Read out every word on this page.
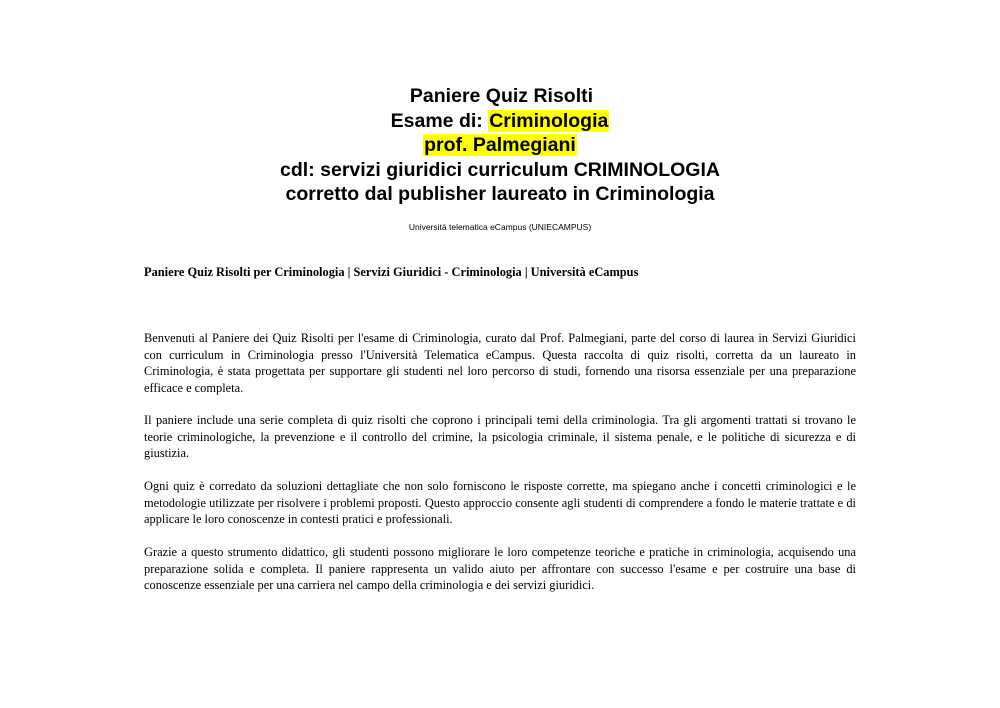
Paniere Quiz Risolti
Esame di: Criminologia
prof. Palmegiani
cdl: servizi giuridici curriculum CRIMINOLOGIA
corretto dal publisher laureato in Criminologia
Università telematica eCampus (UNIECAMPUS)
Paniere Quiz Risolti per Criminologia | Servizi Giuridici - Criminologia | Università eCampus

Benvenuti al Paniere dei Quiz Risolti per l'esame di Criminologia, curato dal Prof. Palmegiani, parte del corso di laurea in Servizi Giuridici con curriculum in Criminologia presso l'Università Telematica eCampus. Questa raccolta di quiz risolti, corretta da un laureato in Criminologia, è stata progettata per supportare gli studenti nel loro percorso di studi, fornendo una risorsa essenziale per una preparazione efficace e completa.

Il paniere include una serie completa di quiz risolti che coprono i principali temi della criminologia. Tra gli argomenti trattati si trovano le teorie criminologiche, la prevenzione e il controllo del crimine, la psicologia criminale, il sistema penale, e le politiche di sicurezza e di giustizia.

Ogni quiz è corredato da soluzioni dettagliate che non solo forniscono le risposte corrette, ma spiegano anche i concetti criminologici e le metodologie utilizzate per risolvere i problemi proposti. Questo approccio consente agli studenti di comprendere a fondo le materie trattate e di applicare le loro conoscenze in contesti pratici e professionali.

Grazie a questo strumento didattico, gli studenti possono migliorare le loro competenze teoriche e pratiche in criminologia, acquisendo una preparazione solida e completa. Il paniere rappresenta un valido aiuto per affrontare con successo l'esame e per costruire una base di conoscenze essenziale per una carriera nel campo della criminologia e dei servizi giuridici.
